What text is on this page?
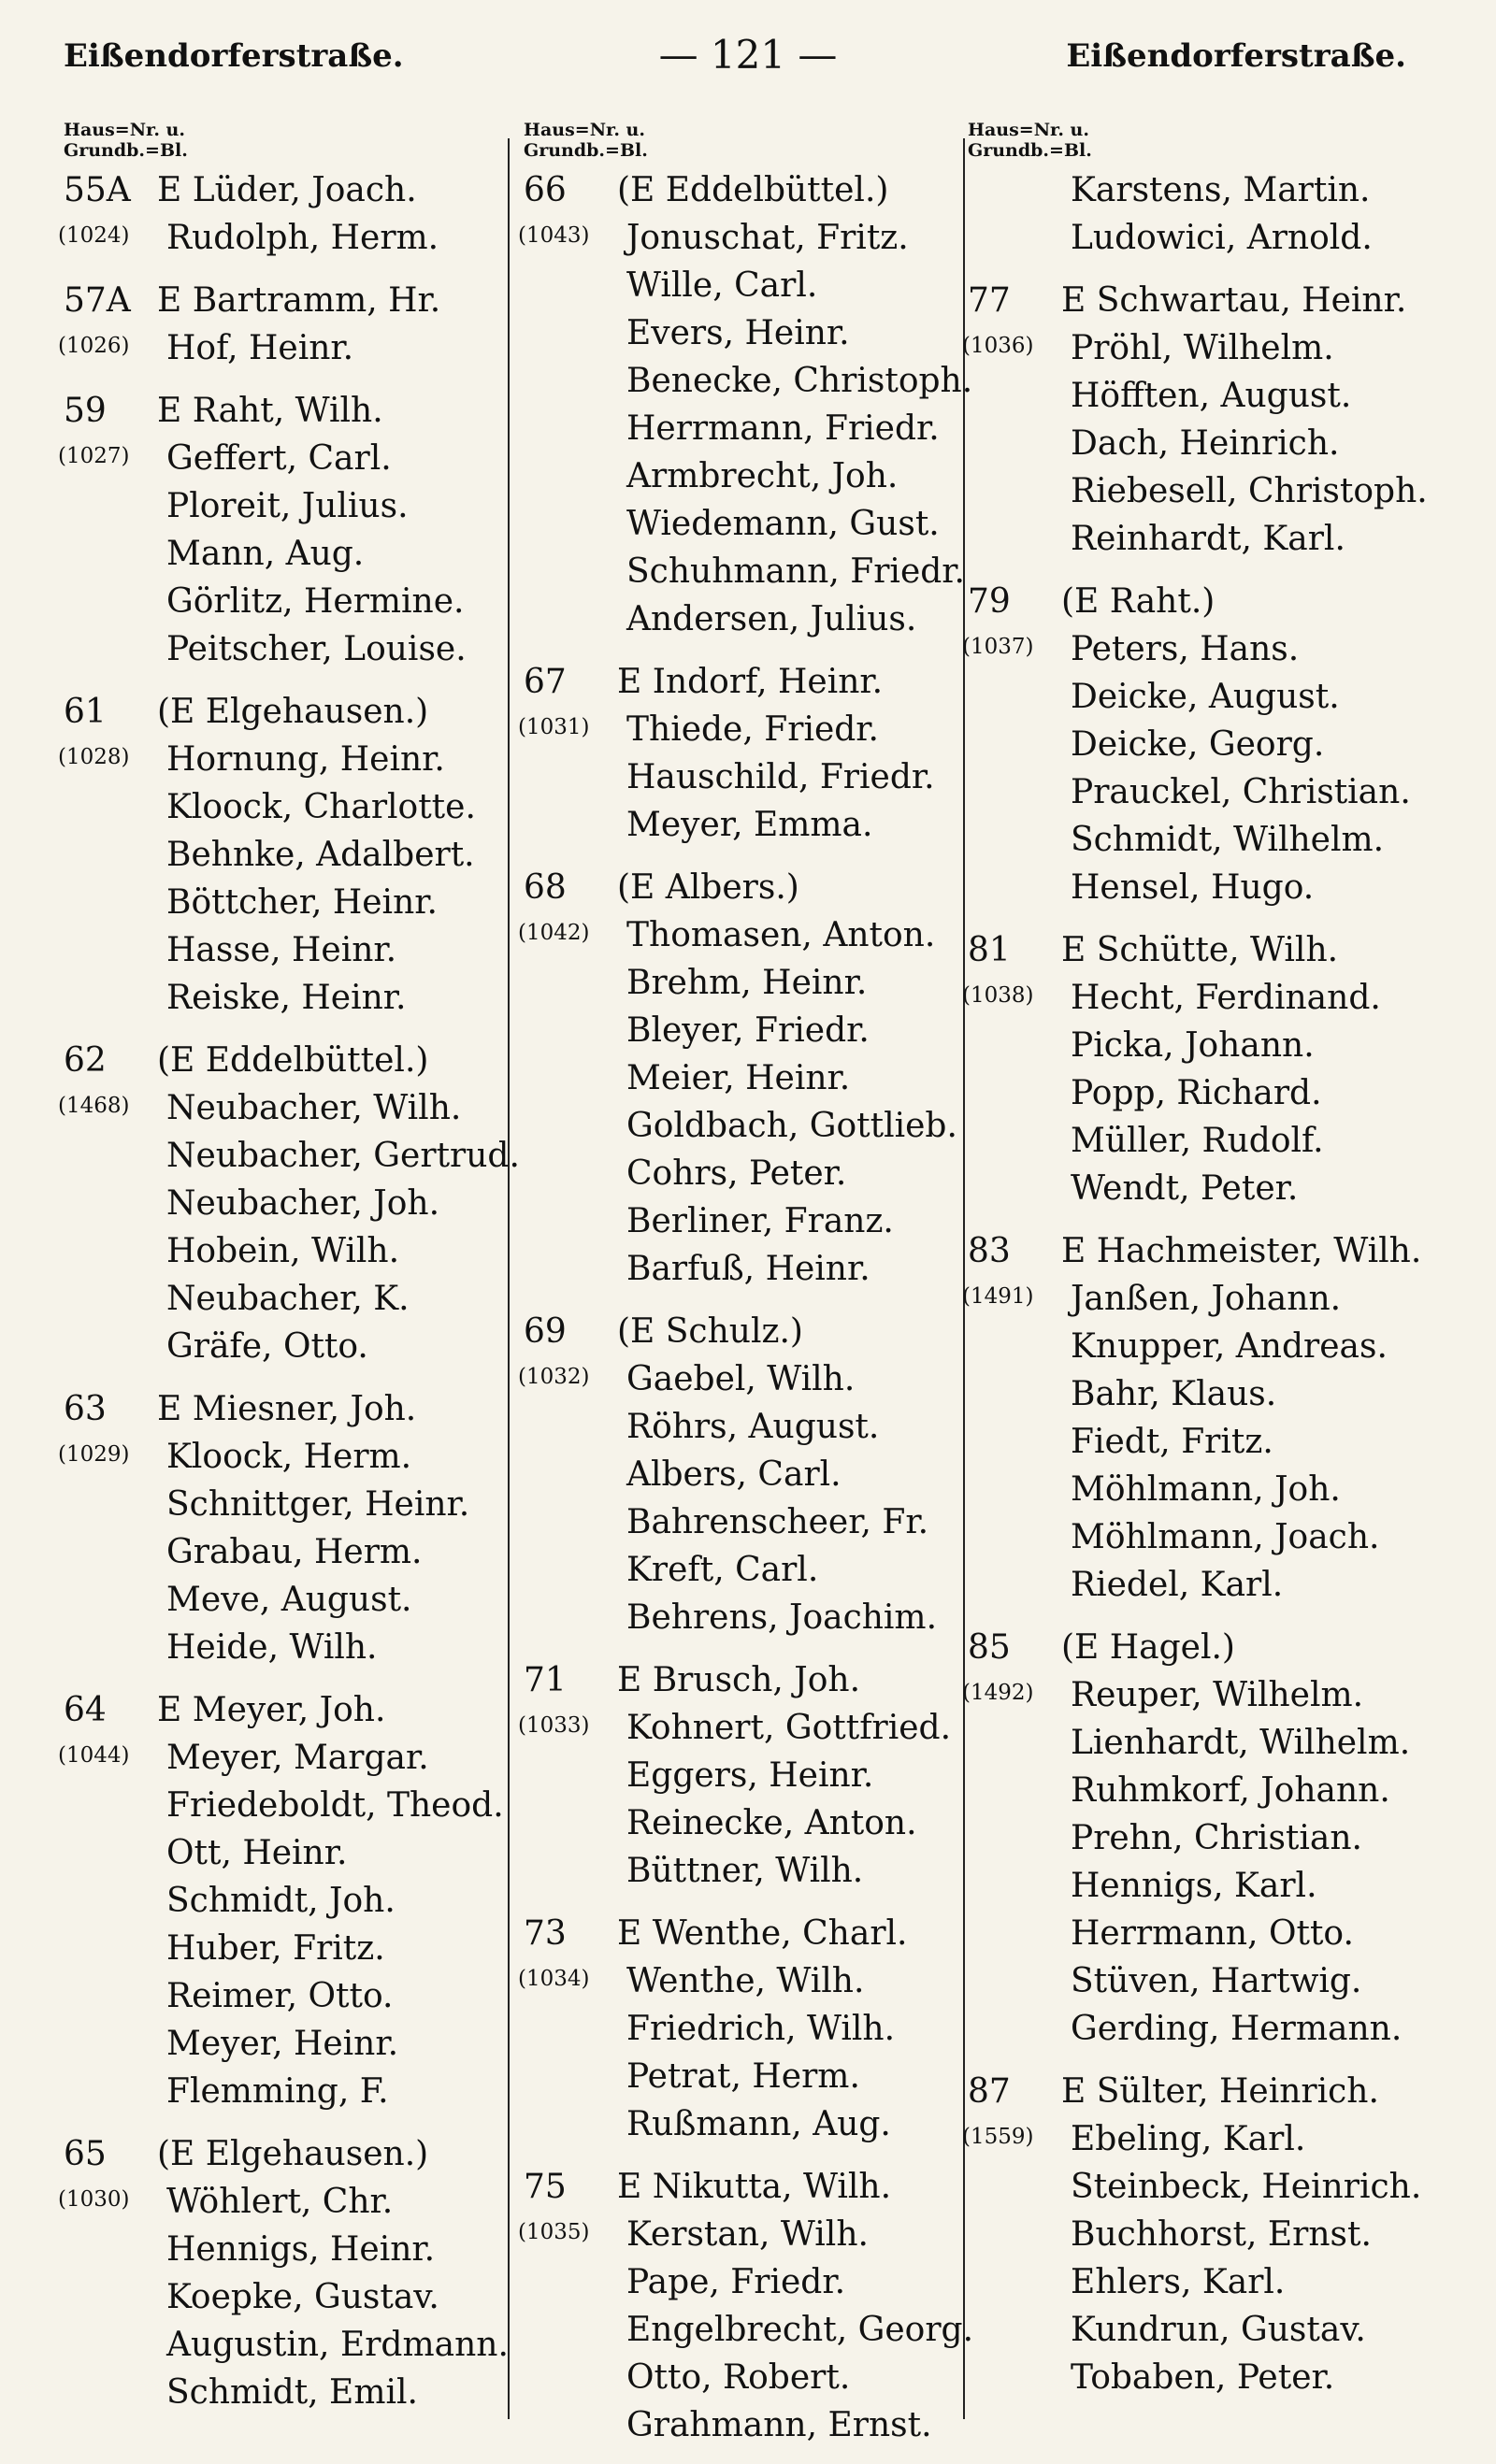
Eißendorferstraße.	— 121 —	Eißendorferstraße.
Haus=Nr. u.
Grundb.=Bl.
55A E Lüder, Joach.
(1024) Rudolph, Herm.
57A E Bartramm, Hr.
(1026) Hof, Heinr.
59 E Raht, Wilh.
(1027) Geffert, Carl.
Ploreit, Julius.
Mann, Aug.
Görlitz, Hermine.
Peitscher, Louise.
61 (E Elgehausen.)
(1028) Hornung, Heinr.
Kloock, Charlotte.
Behnke, Adalbert.
Böttcher, Heinr.
Hasse, Heinr.
Reiske, Heinr.
62 (E Eddelbüttel.)
(1468) Neubacher, Wilh.
Neubacher, Gertrud.
Neubacher, Joh.
Hobein, Wilh.
Neubacher, K.
Gräfe, Otto.
63 E Miesner, Joh.
(1029) Kloock, Herm.
Schnittger, Heinr.
Grabau, Herm.
Meve, August.
Heide, Wilh.
64 E Meyer, Joh.
(1044) Meyer, Margar.
Friedeboldt, Theod.
Ott, Heinr.
Schmidt, Joh.
Huber, Fritz.
Reimer, Otto.
Meyer, Heinr.
Flemming, F.
65 (E Elgehausen.)
(1030) Wöhlert, Chr.
Hennigs, Heinr.
Koepke, Gustav.
Augustin, Erdmann.
Schmidt, Emil.
Haus=Nr. u.
Grundb.=Bl.
66 (E Eddelbüttel.)
(1043) Jonuschat, Fritz.
Wille, Carl.
Evers, Heinr.
Benecke, Christoph.
Herrmann, Friedr.
Armbrecht, Joh.
Wiedemann, Gust.
Schuhmann, Friedr.
Andersen, Julius.
67 E Indorf, Heinr.
(1031) Thiede, Friedr.
Hauschild, Friedr.
Meyer, Emma.
68 (E Albers.)
(1042) Thomasen, Anton.
Brehm, Heinr.
Bleyer, Friedr.
Meier, Heinr.
Goldbach, Gottlieb.
Cohrs, Peter.
Berliner, Franz.
Barfuß, Heinr.
69 (E Schulz.)
(1032) Gaebel, Wilh.
Röhrs, August.
Albers, Carl.
Bahrenscheer, Fr.
Kreft, Carl.
Behrens, Joachim.
71 E Brusch, Joh.
(1033) Kohnert, Gottfried.
Eggers, Heinr.
Reinecke, Anton.
Büttner, Wilh.
73 E Wenthe, Charl.
(1034) Wenthe, Wilh.
Friedrich, Wilh.
Petrat, Herm.
Rußmann, Aug.
75 E Nikutta, Wilh.
(1035) Kerstan, Wilh.
Pape, Friedr.
Engelbrecht, Georg.
Otto, Robert.
Grahmann, Ernst.
Haus=Nr. u.
Grundb.=Bl.
Karstens, Martin.
Ludowici, Arnold.
77 E Schwartau, Heinr.
(1036) Pröhl, Wilhelm.
Höfften, August.
Dach, Heinrich.
Riebesell, Christoph.
Reinhardt, Karl.
79 (E Raht.)
(1037) Peters, Hans.
Deicke, August.
Deicke, Georg.
Prauckel, Christian.
Schmidt, Wilhelm.
Hensel, Hugo.
81 E Schütte, Wilh.
(1038) Hecht, Ferdinand.
Picka, Johann.
Popp, Richard.
Müller, Rudolf.
Wendt, Peter.
83 E Hachmeister, Wilh.
(1491) Janßen, Johann.
Knupper, Andreas.
Bahr, Klaus.
Fiedt, Fritz.
Möhlmann, Joh.
Möhlmann, Joach.
Riedel, Karl.
85 (E Hagel.)
(1492) Reuper, Wilhelm.
Lienhardt, Wilhelm.
Ruhmkorf, Johann.
Prehn, Christian.
Hennigs, Karl.
Herrmann, Otto.
Stüven, Hartwig.
Gerding, Hermann.
87 E Sülter, Heinrich.
(1559) Ebeling, Karl.
Steinbeck, Heinrich.
Buchhorst, Ernst.
Ehlers, Karl.
Kundrun, Gustav.
Tobaben, Peter.
